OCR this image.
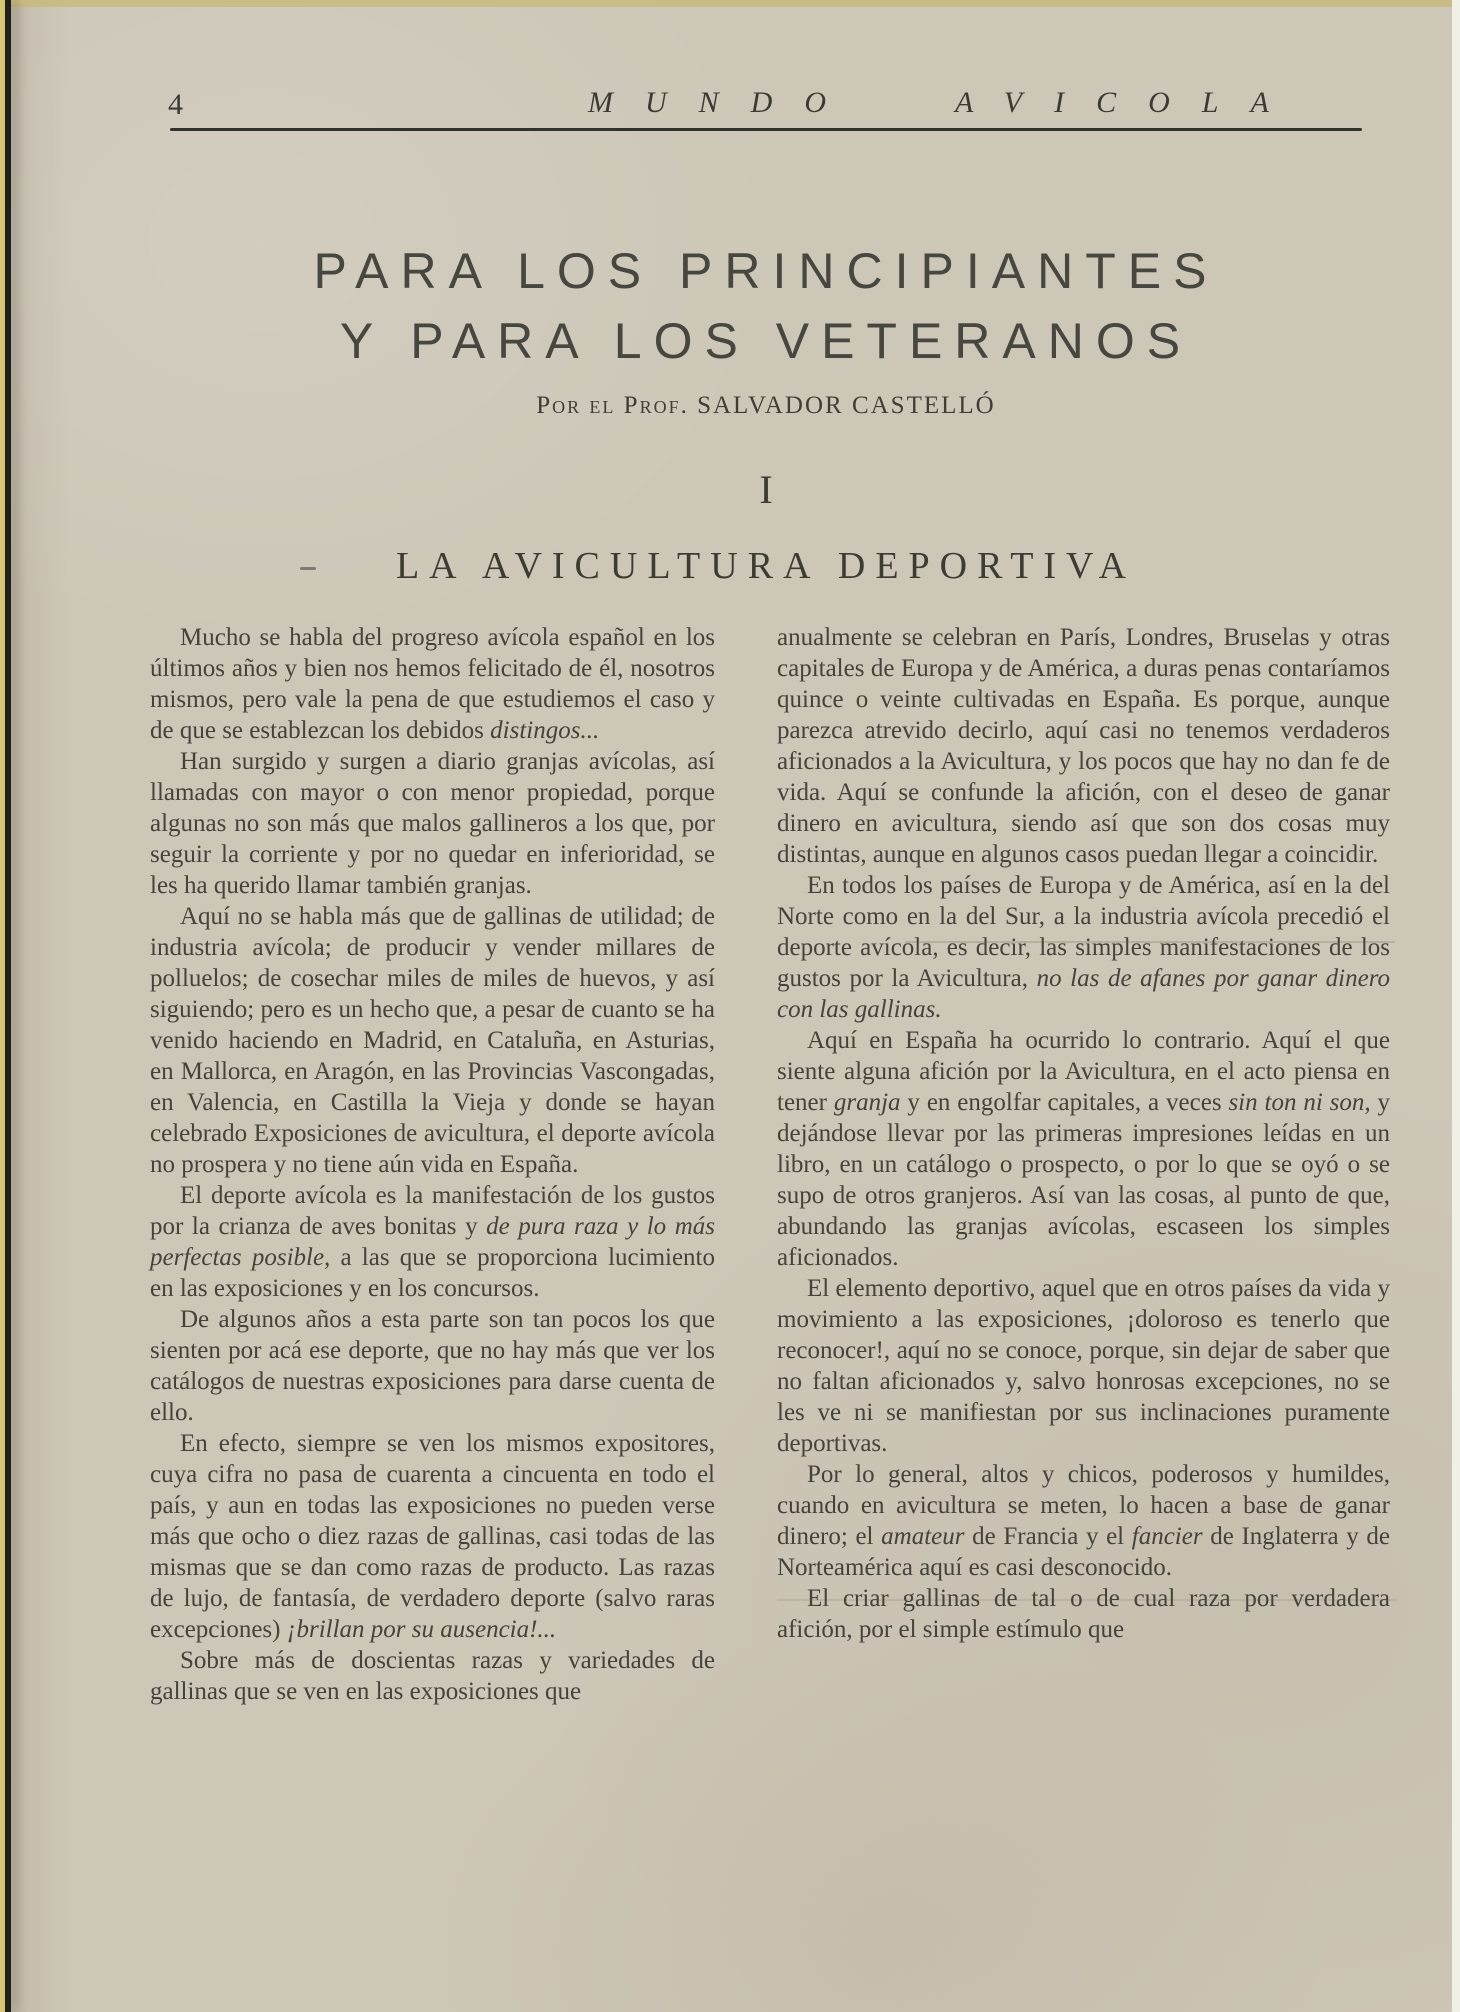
4	MUNDO AVICOLA
PARA LOS PRINCIPIANTES
Y PARA LOS VETERANOS
Por el Prof. SALVADOR CASTELLÓ
I
LA AVICULTURA DEPORTIVA

Mucho se habla del progreso avícola español en los últimos años y bien nos hemos felicitado de él, nosotros mismos, pero vale la pena de que estudiemos el caso y de que se establezcan los debidos distingos...

Han surgido y surgen a diario granjas avícolas, así llamadas con mayor o con menor propiedad, porque algunas no son más que malos gallineros a los que, por seguir la corriente y por no quedar en inferioridad, se les ha querido llamar también granjas.

Aquí no se habla más que de gallinas de utilidad; de industria avícola; de producir y vender millares de polluelos; de cosechar miles de miles de huevos, y así siguiendo; pero es un hecho que, a pesar de cuanto se ha venido haciendo en Madrid, en Cataluña, en Asturias, en Mallorca, en Aragón, en las Provincias Vascongadas, en Valencia, en Castilla la Vieja y donde se hayan celebrado Exposiciones de avicultura, el deporte avícola no prospera y no tiene aún vida en España.

El deporte avícola es la manifestación de los gustos por la crianza de aves bonitas y de pura raza y lo más perfectas posible, a las que se proporciona lucimiento en las exposiciones y en los concursos.

De algunos años a esta parte son tan pocos los que sienten por acá ese deporte, que no hay más que ver los catálogos de nuestras exposiciones para darse cuenta de ello.

En efecto, siempre se ven los mismos expositores, cuya cifra no pasa de cuarenta a cincuenta en todo el país, y aun en todas las exposiciones no pueden verse más que ocho o diez razas de gallinas, casi todas de las mismas que se dan como razas de producto. Las razas de lujo, de fantasía, de verdadero deporte (salvo raras excepciones) ¡brillan por su ausencia!...

Sobre más de doscientas razas y variedades de gallinas que se ven en las exposiciones que

anualmente se celebran en París, Londres, Bruselas y otras capitales de Europa y de América, a duras penas contaríamos quince o veinte cultivadas en España. Es porque, aunque parezca atrevido decirlo, aquí casi no tenemos verdaderos aficionados a la Avicultura, y los pocos que hay no dan fe de vida. Aquí se confunde la afición, con el deseo de ganar dinero en avicultura, siendo así que son dos cosas muy distintas, aunque en algunos casos puedan llegar a coincidir.

En todos los países de Europa y de América, así en la del Norte como en la del Sur, a la industria avícola precedió el deporte avícola, es decir, las simples manifestaciones de los gustos por la Avicultura, no las de afanes por ganar dinero con las gallinas.

Aquí en España ha ocurrido lo contrario. Aquí el que siente alguna afición por la Avicultura, en el acto piensa en tener granja y en engolfar capitales, a veces sin ton ni son, y dejándose llevar por las primeras impresiones leídas en un libro, en un catálogo o prospecto, o por lo que se oyó o se supo de otros granjeros. Así van las cosas, al punto de que, abundando las granjas avícolas, escaseen los simples aficionados.

El elemento deportivo, aquel que en otros países da vida y movimiento a las exposiciones, ¡doloroso es tenerlo que reconocer!, aquí no se conoce, porque, sin dejar de saber que no faltan aficionados y, salvo honrosas excepciones, no se les ve ni se manifiestan por sus inclinaciones puramente deportivas.

Por lo general, altos y chicos, poderosos y humildes, cuando en avicultura se meten, lo hacen a base de ganar dinero; el amateur de Francia y el fancier de Inglaterra y de Norteamérica aquí es casi desconocido.

El criar gallinas de tal o de cual raza por verdadera afición, por el simple estímulo que
